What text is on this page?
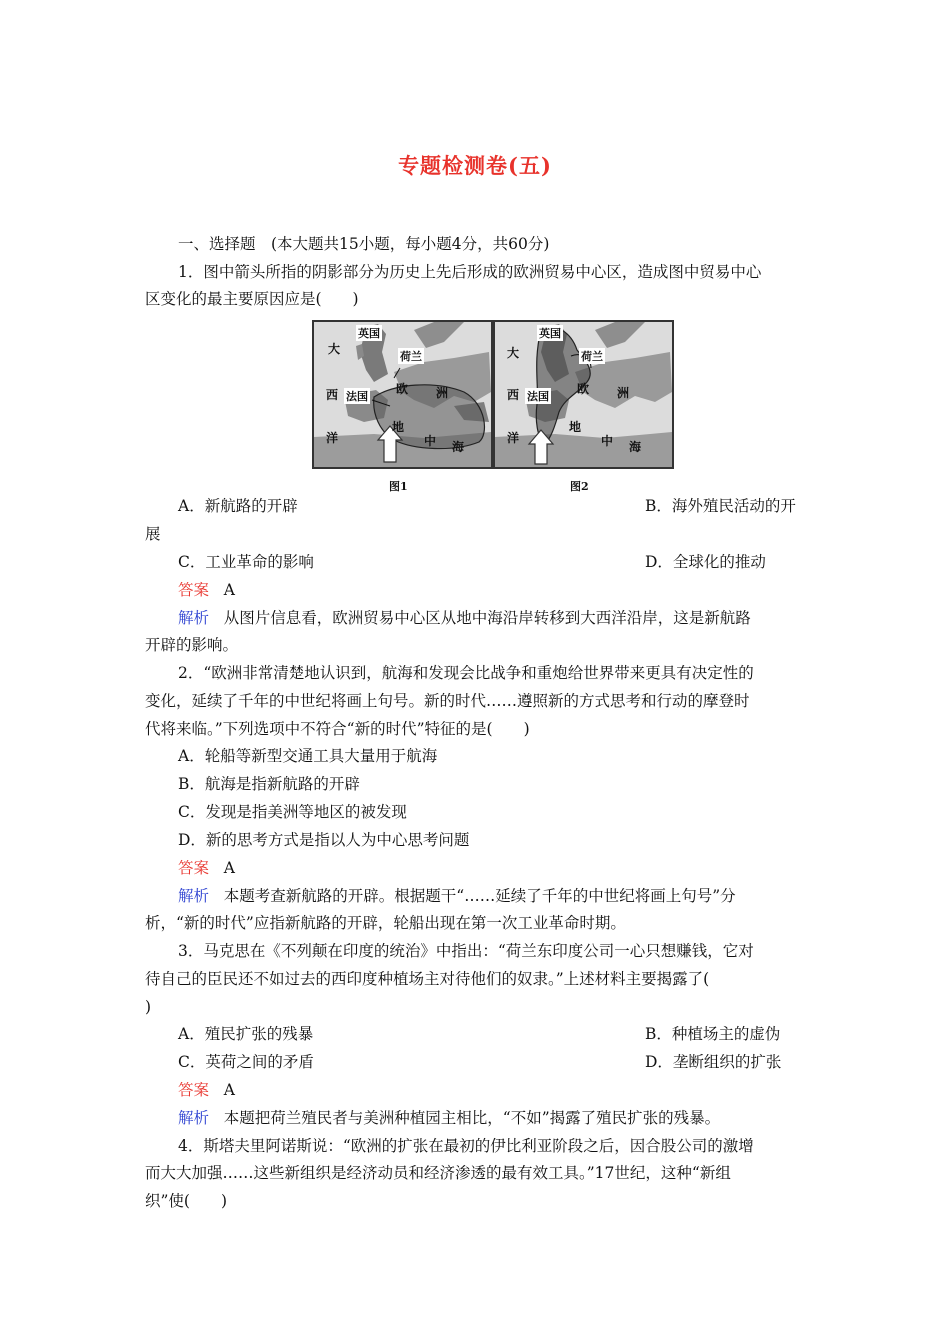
专题检测卷(五)
一、选择题　(本大题共15小题，每小题4分，共60分)
1．图中箭头所指的阴影部分为历史上先后形成的欧洲贸易中心区，造成图中贸易中心
区变化的最主要原因应是(　　)
英国
荷兰
大
西
洋
法国
欧 洲
地
中 海
图1
英国
荷兰
大
西
洋
法国
欧 洲
地
中 海
图2
A．新航路的开辟	B．海外殖民活动的开
展
C．工业革命的影响	D．全球化的推动
答案 A
解析 从图片信息看，欧洲贸易中心区从地中海沿岸转移到大西洋沿岸，这是新航路
开辟的影响。
2．“欧洲非常清楚地认识到，航海和发现会比战争和重炮给世界带来更具有决定性的
变化，延续了千年的中世纪将画上句号。新的时代……遵照新的方式思考和行动的摩登时
代将来临。”下列选项中不符合“新的时代”特征的是(　　)
A．轮船等新型交通工具大量用于航海
B．航海是指新航路的开辟
C．发现是指美洲等地区的被发现
D．新的思考方式是指以人为中心思考问题
答案 A
解析 本题考查新航路的开辟。根据题干“……延续了千年的中世纪将画上句号”分
析，“新的时代”应指新航路的开辟，轮船出现在第一次工业革命时期。
3．马克思在《不列颠在印度的统治》中指出：“荷兰东印度公司一心只想赚钱，它对
待自己的臣民还不如过去的西印度种植场主对待他们的奴隶。”上述材料主要揭露了(
)
A．殖民扩张的残暴	B．种植场主的虚伪
C．英荷之间的矛盾	D．垄断组织的扩张
答案 A
解析 本题把荷兰殖民者与美洲种植园主相比，“不如”揭露了殖民扩张的残暴。
4．斯塔夫里阿诺斯说：“欧洲的扩张在最初的伊比利亚阶段之后，因合股公司的激增
而大大加强……这些新组织是经济动员和经济渗透的最有效工具。”17世纪，这种“新组
织”使(　　)
